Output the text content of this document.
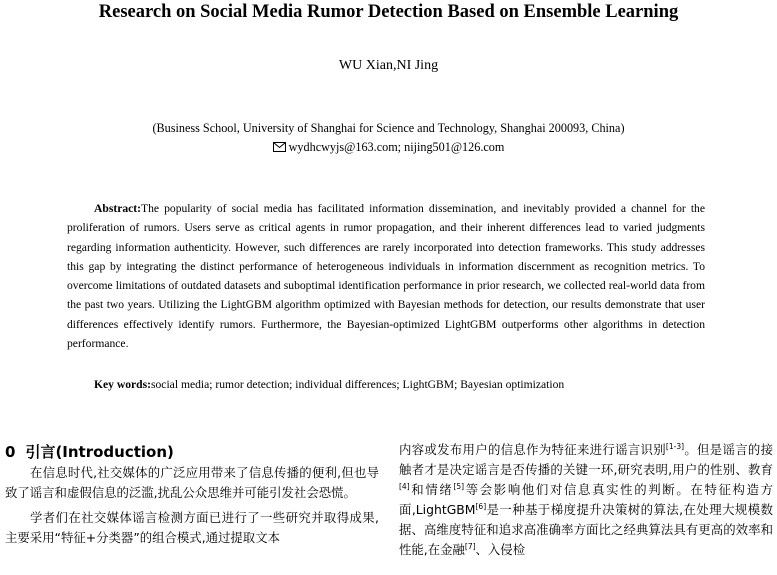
Research on Social Media Rumor Detection Based on Ensemble Learning
WU Xian,NI Jing
(Business School, University of Shanghai for Science and Technology, Shanghai 200093, China)
wydhcwyjs@163.com; nijing501@126.com
Abstract:The popularity of social media has facilitated information dissemination, and inevitably provided a channel for the proliferation of rumors. Users serve as critical agents in rumor propagation, and their inherent differences lead to varied judgments regarding information authenticity. However, such differences are rarely incorporated into detection frameworks. This study addresses this gap by integrating the distinct performance of heterogeneous individuals in information discernment as recognition metrics. To overcome limitations of outdated datasets and suboptimal identification performance in prior research, we collected real-world data from the past two years. Utilizing the LightGBM algorithm optimized with Bayesian methods for detection, our results demonstrate that user differences effectively identify rumors. Furthermore, the Bayesian-optimized LightGBM outperforms other algorithms in detection performance.
Key words:social media; rumor detection; individual differences; LightGBM; Bayesian optimization
0 引言(Introduction)

在信息时代,社交媒体的广泛应用带来了信息传播的便利,但也导致了谣言和虚假信息的泛滥,扰乱公众思维并可能引发社会恐慌。

学者们在社交媒体谣言检测方面已进行了一些研究并取得成果,主要采用“特征+分类器”的组合模式,通过提取文本

内容或发布用户的信息作为特征来进行谣言识别[1-3]。但是谣言的接触者才是决定谣言是否传播的关键一环,研究表明,用户的性别、教育[4]和情绪[5]等会影响他们对信息真实性的判断。在特征构造方面,LightGBM[6]是一种基于梯度提升决策树的算法,在处理大规模数据、高维度特征和追求高准确率方面比之经典算法具有更高的效率和性能,在金融[7]、入侵检
